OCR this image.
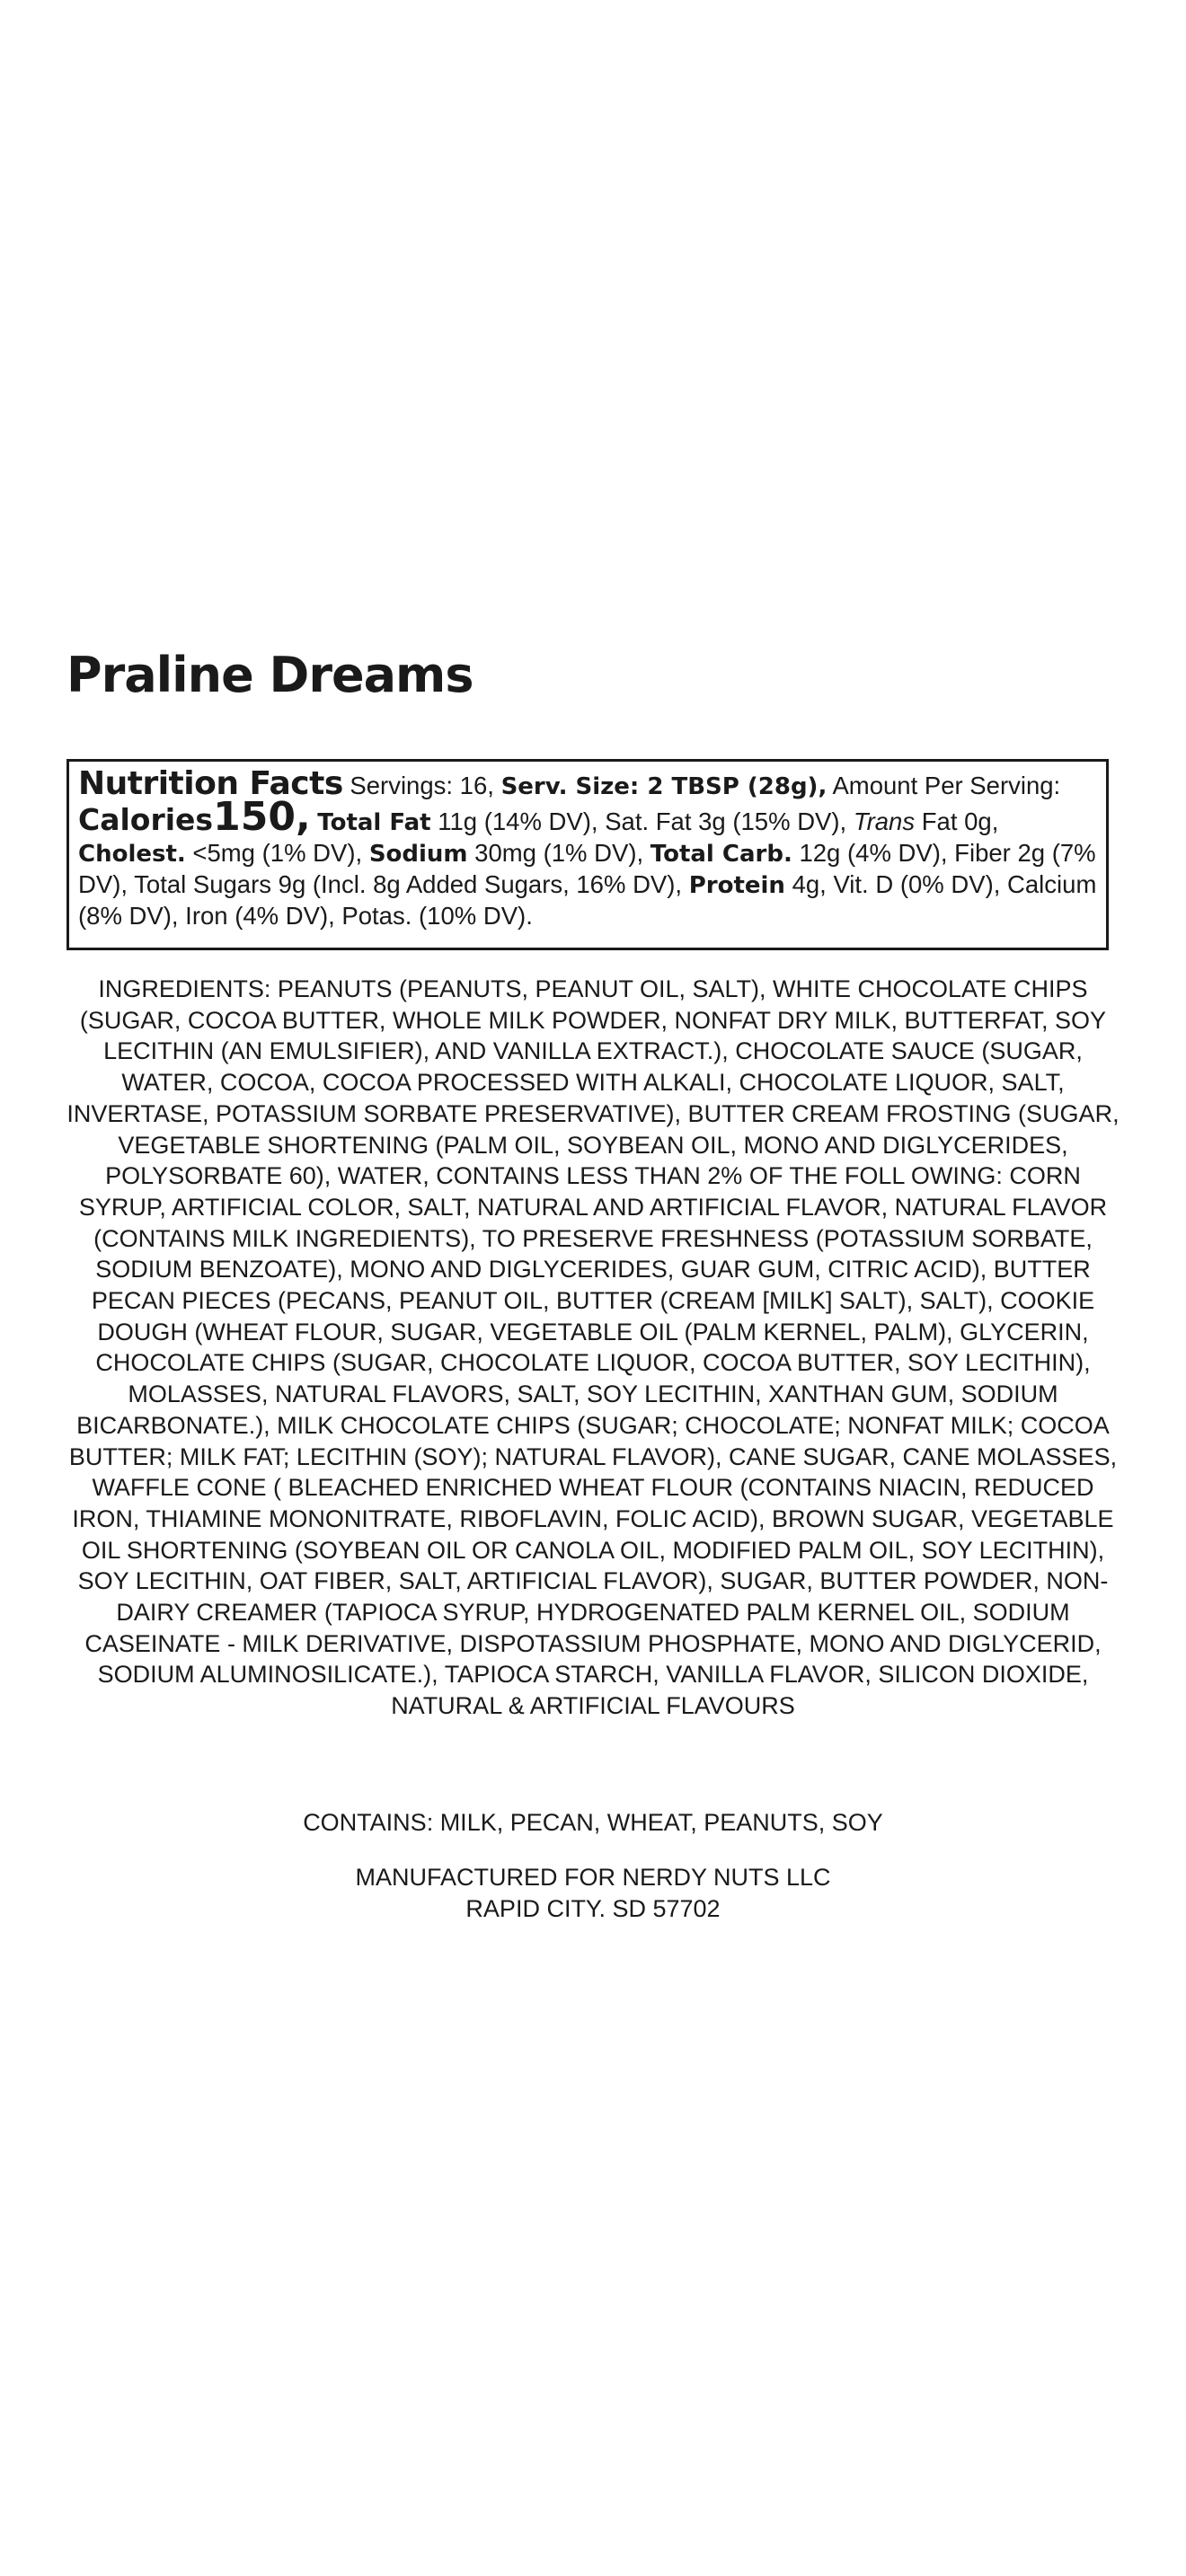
Praline Dreams
Nutrition Facts Servings: 16, Serv. Size: 2 TBSP (28g), Amount Per Serving: Calories150, Total Fat 11g (14% DV), Sat. Fat 3g (15% DV), Trans Fat 0g, Cholest. <5mg (1% DV), Sodium 30mg (1% DV), Total Carb. 12g (4% DV), Fiber 2g (7% DV), Total Sugars 9g (Incl. 8g Added Sugars, 16% DV), Protein 4g, Vit. D (0% DV), Calcium (8% DV), Iron (4% DV), Potas. (10% DV).

INGREDIENTS: PEANUTS (PEANUTS, PEANUT OIL, SALT), WHITE CHOCOLATE CHIPS (SUGAR, COCOA BUTTER, WHOLE MILK POWDER, NONFAT DRY MILK, BUTTERFAT, SOY LECITHIN (AN EMULSIFIER), AND VANILLA EXTRACT.), CHOCOLATE SAUCE (SUGAR, WATER, COCOA, COCOA PROCESSED WITH ALKALI, CHOCOLATE LIQUOR, SALT, INVERTASE, POTASSIUM SORBATE PRESERVATIVE), BUTTER CREAM FROSTING (SUGAR, VEGETABLE SHORTENING (PALM OIL, SOYBEAN OIL, MONO AND DIGLYCERIDES, POLYSORBATE 60), WATER, CONTAINS LESS THAN 2% OF THE FOLL OWING: CORN SYRUP, ARTIFICIAL COLOR, SALT, NATURAL AND ARTIFICIAL FLAVOR, NATURAL FLAVOR (CONTAINS MILK INGREDIENTS), TO PRESERVE FRESHNESS (POTASSIUM SORBATE, SODIUM BENZOATE), MONO AND DIGLYCERIDES, GUAR GUM, CITRIC ACID), BUTTER PECAN PIECES (PECANS, PEANUT OIL, BUTTER (CREAM [MILK] SALT), SALT), COOKIE DOUGH (WHEAT FLOUR, SUGAR, VEGETABLE OIL (PALM KERNEL, PALM), GLYCERIN, CHOCOLATE CHIPS (SUGAR, CHOCOLATE LIQUOR, COCOA BUTTER, SOY LECITHIN), MOLASSES, NATURAL FLAVORS, SALT, SOY LECITHIN, XANTHAN GUM, SODIUM BICARBONATE.), MILK CHOCOLATE CHIPS (SUGAR; CHOCOLATE; NONFAT MILK; COCOA BUTTER; MILK FAT; LECITHIN (SOY); NATURAL FLAVOR), CANE SUGAR, CANE MOLASSES, WAFFLE CONE ( BLEACHED ENRICHED WHEAT FLOUR (CONTAINS NIACIN, REDUCED IRON, THIAMINE MONONITRATE, RIBOFLAVIN, FOLIC ACID), BROWN SUGAR, VEGETABLE OIL SHORTENING (SOYBEAN OIL OR CANOLA OIL, MODIFIED PALM OIL, SOY LECITHIN), SOY LECITHIN, OAT FIBER, SALT, ARTIFICIAL FLAVOR), SUGAR, BUTTER POWDER, NON-DAIRY CREAMER (TAPIOCA SYRUP, HYDROGENATED PALM KERNEL OIL, SODIUM CASEINATE - MILK DERIVATIVE, DISPOTASSIUM PHOSPHATE, MONO AND DIGLYCERID, SODIUM ALUMINOSILICATE.), TAPIOCA STARCH, VANILLA FLAVOR, SILICON DIOXIDE, NATURAL & ARTIFICIAL FLAVOURS

CONTAINS: MILK, PECAN, WHEAT, PEANUTS, SOY

MANUFACTURED FOR NERDY NUTS LLC
RAPID CITY. SD 57702
